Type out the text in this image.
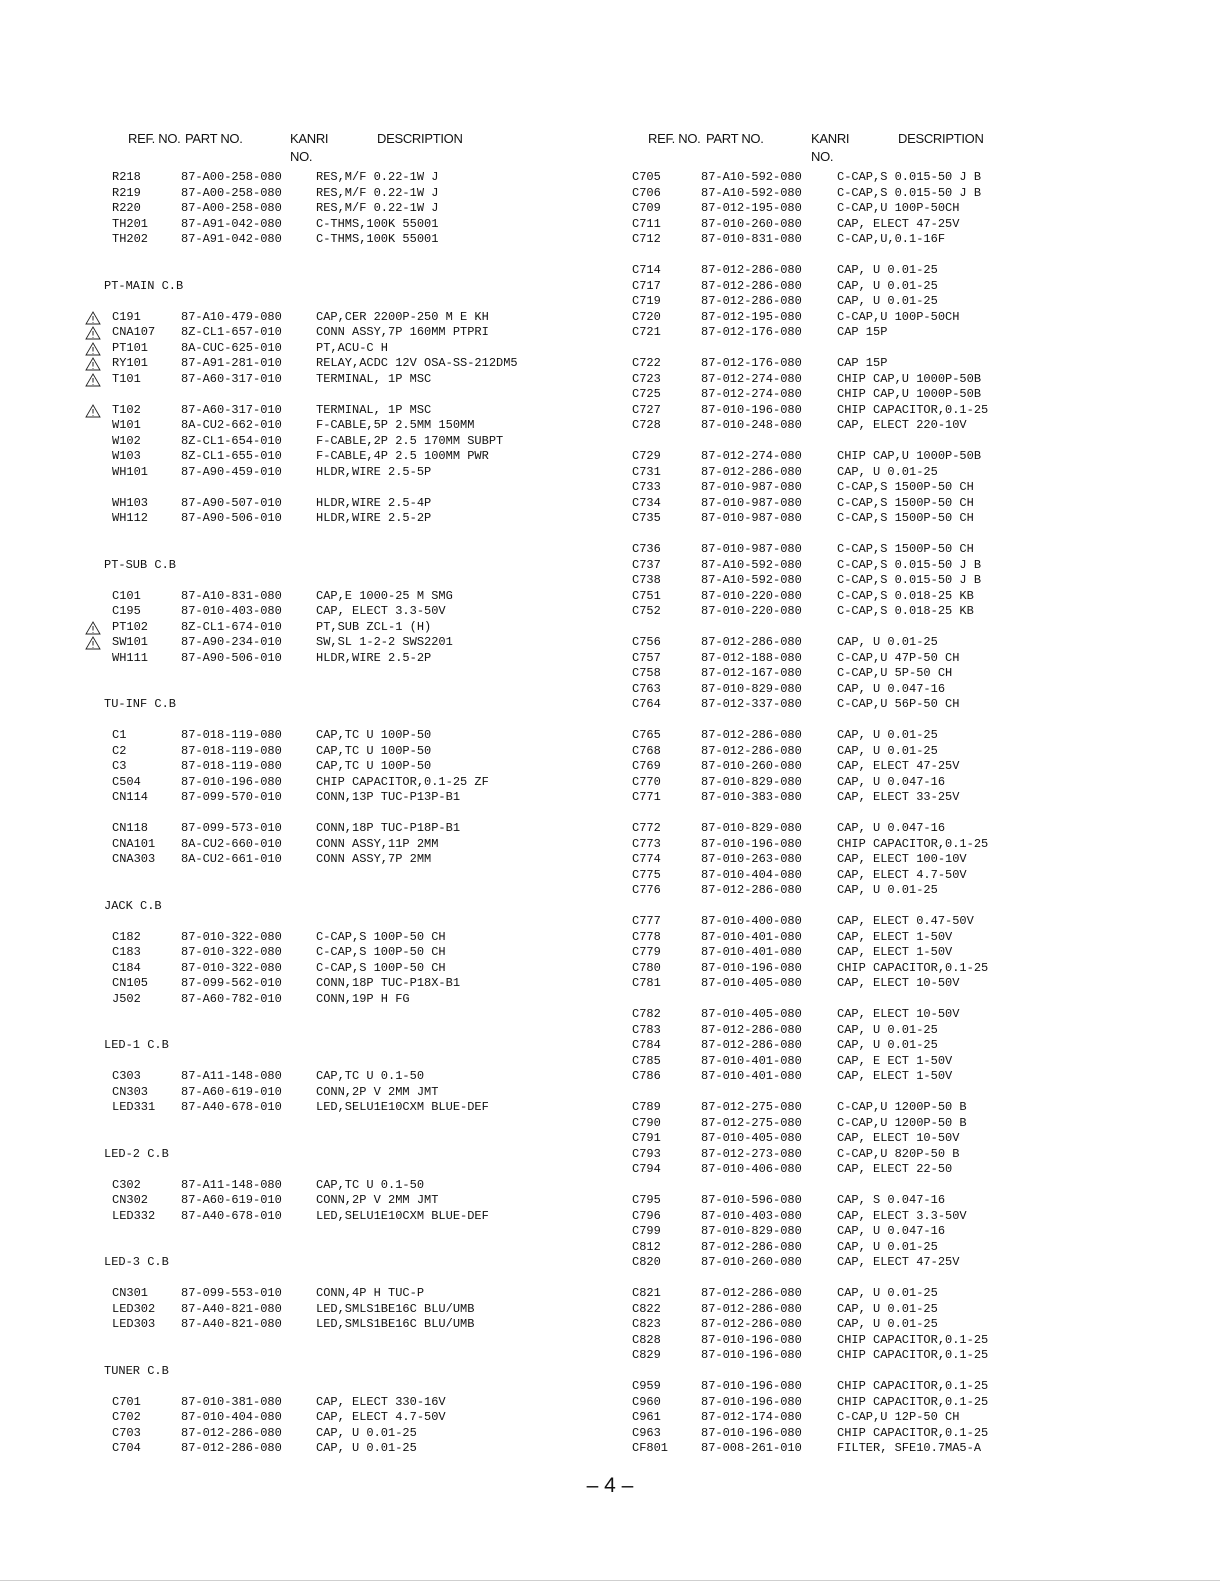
REF. NO. PART NO.	KANRI
NO.
DESCRIPTION
R218	87-A00-258-080	RES,M/F 0.22-1W J
R219	87-A00-258-080	RES,M/F 0.22-1W J
R220	87-A00-258-080	RES,M/F 0.22-1W J
TH201	87-A91-042-080	C-THMS,100K 55001
TH202	87-A91-042-080	C-THMS,100K 55001
PT-MAIN C.B
C191	87-A10-479-080	CAP,CER 2200P-250 M E KH
CNA107 8Z-CL1-657-010	CONN ASSY,7P 160MM PTPRI
PT101	8A-CUC-625-010	PT,ACU-C H
RY101	87-A91-281-010	RELAY,ACDC 12V OSA-SS-212DM5
T101	87-A60-317-010	TERMINAL, 1P MSC
T102	87-A60-317-010	TERMINAL, 1P MSC
W101	8A-CU2-662-010	F-CABLE,5P 2.5MM 150MM
W102	8Z-CL1-654-010	F-CABLE,2P 2.5 170MM SUBPT
W103	8Z-CL1-655-010	F-CABLE,4P 2.5 100MM PWR
WH101	87-A90-459-010	HLDR,WIRE 2.5-5P
WH103	87-A90-507-010	HLDR,WIRE 2.5-4P
WH112	87-A90-506-010	HLDR,WIRE 2.5-2P
PT-SUB C.B
C101	87-A10-831-080	CAP,E 1000-25 M SMG
C195	87-010-403-080	CAP, ELECT 3.3-50V
PT102	8Z-CL1-674-010	PT,SUB ZCL-1 (H)
SW101	87-A90-234-010	SW,SL 1-2-2 SWS2201
WH111	87-A90-506-010	HLDR,WIRE 2.5-2P
TU-INF C.B
C1	87-018-119-080	CAP,TC U 100P-50
C2	87-018-119-080	CAP,TC U 100P-50
C3	87-018-119-080	CAP,TC U 100P-50
C504	87-010-196-080	CHIP CAPACITOR,0.1-25 ZF
CN114	87-099-570-010	CONN,13P TUC-P13P-B1
CN118	87-099-573-010	CONN,18P TUC-P18P-B1
CNA101 8A-CU2-660-010	CONN ASSY,11P 2MM
CNA303 8A-CU2-661-010	CONN ASSY,7P 2MM
JACK C.B
C182	87-010-322-080	C-CAP,S 100P-50 CH
C183	87-010-322-080	C-CAP,S 100P-50 CH
C184	87-010-322-080	C-CAP,S 100P-50 CH
CN105	87-099-562-010	CONN,18P TUC-P18X-B1
J502	87-A60-782-010	CONN,19P H FG
LED-1 C.B
C303	87-A11-148-080	CAP,TC U 0.1-50
CN303	87-A60-619-010	CONN,2P V 2MM JMT
LED331 87-A40-678-010	LED,SELU1E10CXM BLUE-DEF
LED-2 C.B
C302	87-A11-148-080	CAP,TC U 0.1-50
CN302	87-A60-619-010	CONN,2P V 2MM JMT
LED332 87-A40-678-010	LED,SELU1E10CXM BLUE-DEF
LED-3 C.B
CN301	87-099-553-010	CONN,4P H TUC-P
LED302 87-A40-821-080	LED,SMLS1BE16C BLU/UMB
LED303 87-A40-821-080	LED,SMLS1BE16C BLU/UMB
TUNER C.B
C701	87-010-381-080	CAP, ELECT 330-16V
C702	87-010-404-080	CAP, ELECT 4.7-50V
C703	87-012-286-080	CAP, U 0.01-25
C704	87-012-286-080	CAP, U 0.01-25
REF. NO. PART NO.	KANRI
NO.
DESCRIPTION
C705	87-A10-592-080	C-CAP,S 0.015-50 J B
C706	87-A10-592-080	C-CAP,S 0.015-50 J B
C709	87-012-195-080	C-CAP,U 100P-50CH
C711	87-010-260-080	CAP, ELECT 47-25V
C712	87-010-831-080	C-CAP,U,0.1-16F
C714	87-012-286-080	CAP, U 0.01-25
C717	87-012-286-080	CAP, U 0.01-25
C719	87-012-286-080	CAP, U 0.01-25
C720	87-012-195-080	C-CAP,U 100P-50CH
C721	87-012-176-080	CAP 15P
C722	87-012-176-080	CAP 15P
C723	87-012-274-080	CHIP CAP,U 1000P-50B
C725	87-012-274-080	CHIP CAP,U 1000P-50B
C727	87-010-196-080	CHIP CAPACITOR,0.1-25
C728	87-010-248-080	CAP, ELECT 220-10V
C729	87-012-274-080	CHIP CAP,U 1000P-50B
C731	87-012-286-080	CAP, U 0.01-25
C733	87-010-987-080	C-CAP,S 1500P-50 CH
C734	87-010-987-080	C-CAP,S 1500P-50 CH
C735	87-010-987-080	C-CAP,S 1500P-50 CH
C736	87-010-987-080	C-CAP,S 1500P-50 CH
C737	87-A10-592-080	C-CAP,S 0.015-50 J B
C738	87-A10-592-080	C-CAP,S 0.015-50 J B
C751	87-010-220-080	C-CAP,S 0.018-25 KB
C752	87-010-220-080	C-CAP,S 0.018-25 KB
C756	87-012-286-080	CAP, U 0.01-25
C757	87-012-188-080	C-CAP,U 47P-50 CH
C758	87-012-167-080	C-CAP,U 5P-50 CH
C763	87-010-829-080	CAP, U 0.047-16
C764	87-012-337-080	C-CAP,U 56P-50 CH
C765	87-012-286-080	CAP, U 0.01-25
C768	87-012-286-080	CAP, U 0.01-25
C769	87-010-260-080	CAP, ELECT 47-25V
C770	87-010-829-080	CAP, U 0.047-16
C771	87-010-383-080	CAP, ELECT 33-25V
C772	87-010-829-080	CAP, U 0.047-16
C773	87-010-196-080	CHIP CAPACITOR,0.1-25
C774	87-010-263-080	CAP, ELECT 100-10V
C775	87-010-404-080	CAP, ELECT 4.7-50V
C776	87-012-286-080	CAP, U 0.01-25
C777	87-010-400-080	CAP, ELECT 0.47-50V
C778	87-010-401-080	CAP, ELECT 1-50V
C779	87-010-401-080	CAP, ELECT 1-50V
C780	87-010-196-080	CHIP CAPACITOR,0.1-25
C781	87-010-405-080	CAP, ELECT 10-50V
C782	87-010-405-080	CAP, ELECT 10-50V
C783	87-012-286-080	CAP, U 0.01-25
C784	87-012-286-080	CAP, U 0.01-25
C785	87-010-401-080	CAP, E ECT 1-50V
C786	87-010-401-080	CAP, ELECT 1-50V
C789	87-012-275-080	C-CAP,U 1200P-50 B
C790	87-012-275-080	C-CAP,U 1200P-50 B
C791	87-010-405-080	CAP, ELECT 10-50V
C793	87-012-273-080	C-CAP,U 820P-50 B
C794	87-010-406-080	CAP, ELECT 22-50
C795	87-010-596-080	CAP, S 0.047-16
C796	87-010-403-080	CAP, ELECT 3.3-50V
C799	87-010-829-080	CAP, U 0.047-16
C812	87-012-286-080	CAP, U 0.01-25
C820	87-010-260-080	CAP, ELECT 47-25V
C821	87-012-286-080	CAP, U 0.01-25
C822	87-012-286-080	CAP, U 0.01-25
C823	87-012-286-080	CAP, U 0.01-25
C828	87-010-196-080	CHIP CAPACITOR,0.1-25
C829	87-010-196-080	CHIP CAPACITOR,0.1-25
C959	87-010-196-080	CHIP CAPACITOR,0.1-25
C960	87-010-196-080	CHIP CAPACITOR,0.1-25
C961	87-012-174-080	C-CAP,U 12P-50 CH
C963	87-010-196-080	CHIP CAPACITOR,0.1-25
CF801	87-008-261-010	FILTER, SFE10.7MA5-A
– 4 –
